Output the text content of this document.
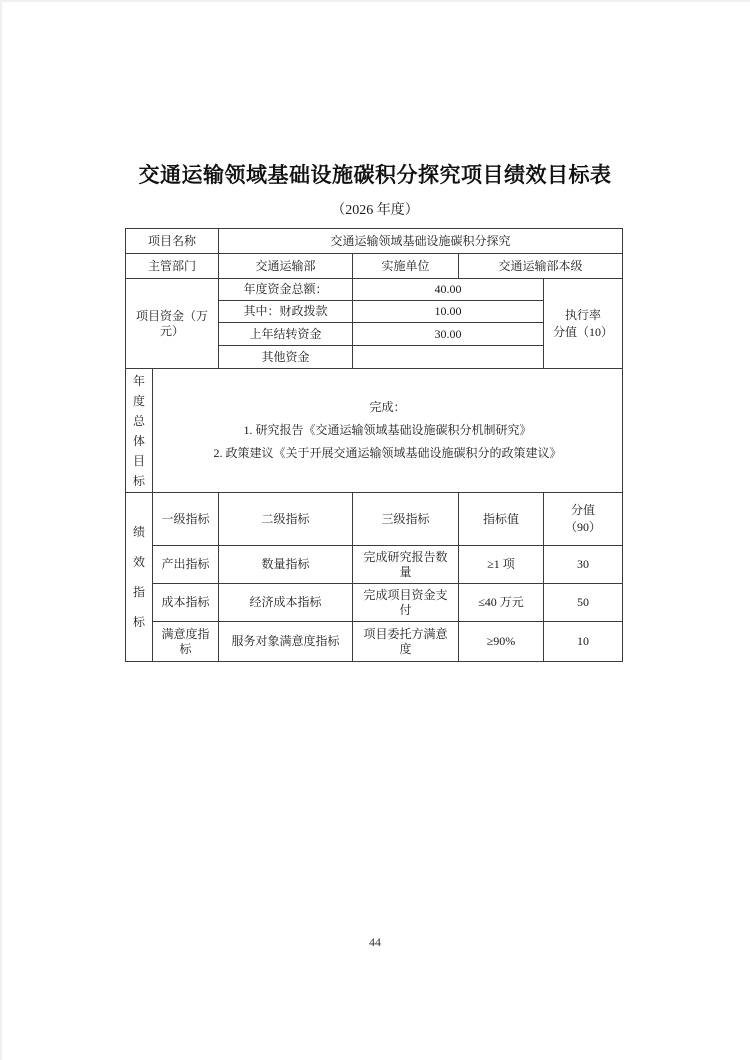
交通运输领域基础设施碳积分探究项目绩效目标表
（2026 年度）
项目名称		交通运输领域基础设施碳积分探究			
主管部门		交通运输部	实施单位	交通运输部本级	
项目资金（万元）		年度资金总额：	40.00		执行率
分值（10）

		其中：财政拨款	10.00		
		上年结转资金	30.00		
		其他资金			

年度总体目标	完成：
1. 研究报告《交通运输领域基础设施碳积分机制研究》
2. 政策建议《关于开展交通运输领域基础设施碳积分的政策建议》				

绩效指标	一级指标	二级指标	三级指标	指标值	分值
（90）

	产出指标	数量指标	完成研究报告数量	≥1 项	30
	成本指标	经济成本指标	完成项目资金支付	≤40 万元	50
	满意度指标	服务对象满意度指标	项目委托方满意度	≥90%	10
44
